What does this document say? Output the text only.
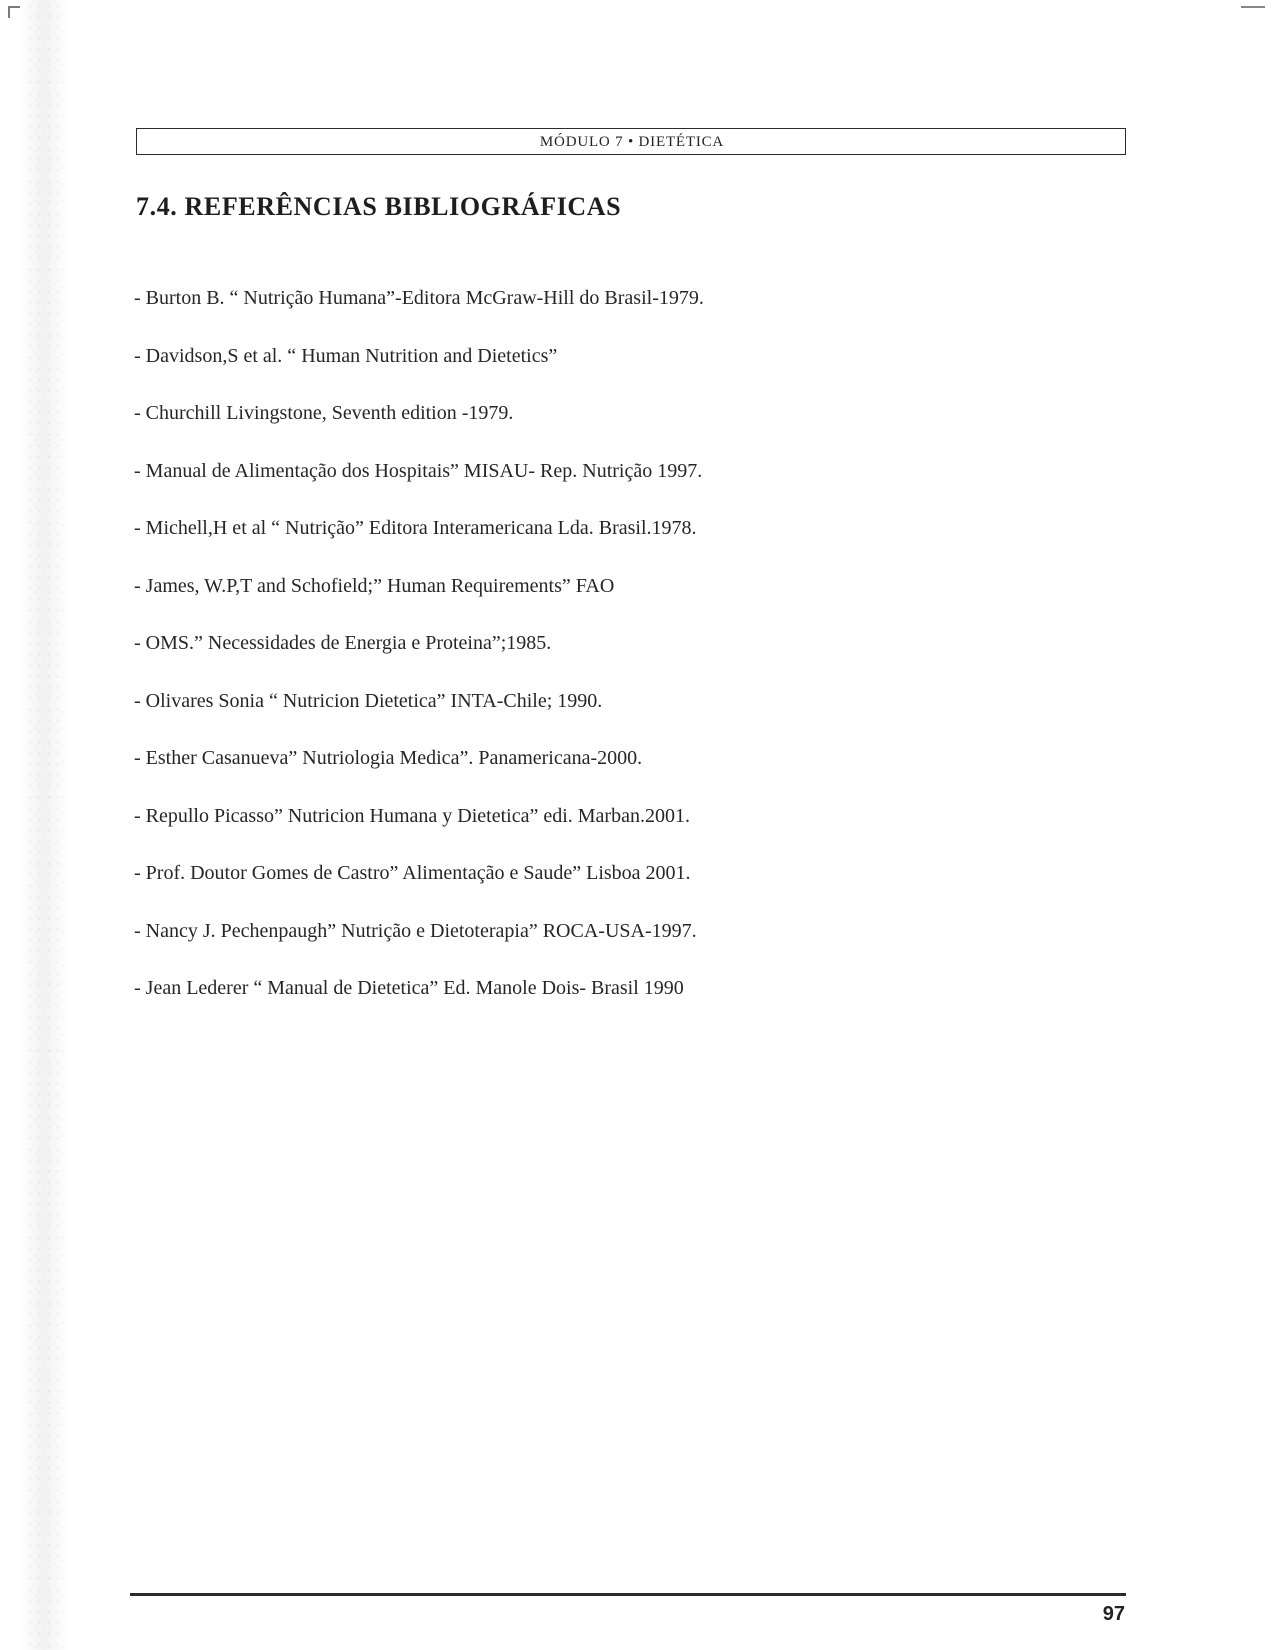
MÓDULO 7 • DIETÉTICA
7.4. REFERÊNCIAS BIBLIOGRÁFICAS
- Burton B. “ Nutrição Humana”-Editora McGraw-Hill do Brasil-1979.
- Davidson,S et al. “ Human Nutrition and Dietetics”
- Churchill Livingstone, Seventh edition -1979.
- Manual de Alimentação dos Hospitais” MISAU- Rep. Nutrição 1997.
- Michell,H et al “ Nutrição” Editora Interamericana Lda. Brasil.1978.
- James, W.P,T and Schofield;” Human Requirements” FAO
- OMS.” Necessidades de Energia e Proteina”;1985.
- Olivares Sonia “ Nutricion Dietetica” INTA-Chile; 1990.
- Esther Casanueva” Nutriologia Medica”. Panamericana-2000.
- Repullo Picasso” Nutricion Humana y Dietetica” edi. Marban.2001.
- Prof. Doutor Gomes de Castro” Alimentação e Saude” Lisboa 2001.
- Nancy J. Pechenpaugh” Nutrição e Dietoterapia” ROCA-USA-1997.
- Jean Lederer “ Manual de Dietetica” Ed. Manole Dois- Brasil 1990
97
